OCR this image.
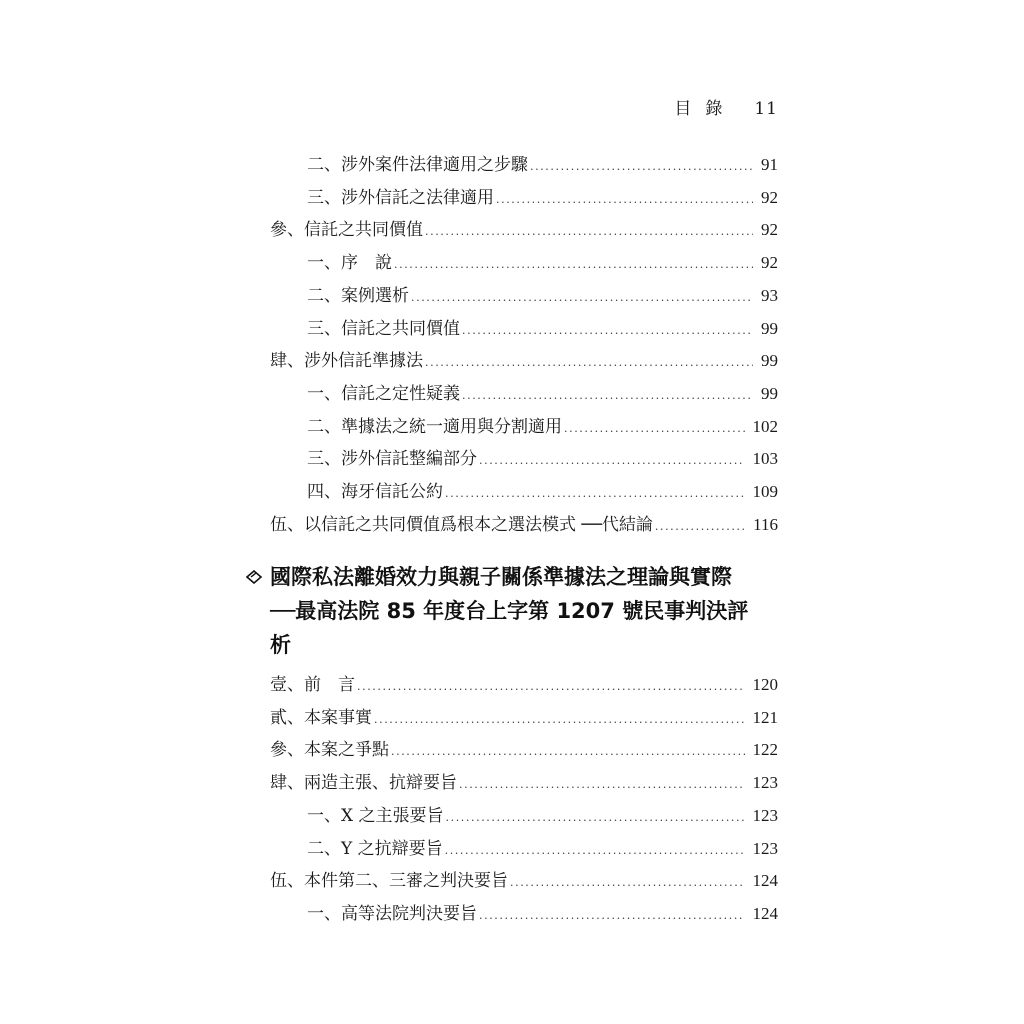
目錄 11
二、涉外案件法律適用之步驟 .....	91
三、涉外信託之法律適用 .....	92
參、信託之共同價值 .....	92
一、序　說 .....	92
二、案例選析 .....	93
三、信託之共同價值 .....	99
肆、涉外信託準據法 .....	99
一、信託之定性疑義 .....	99
二、準據法之統一適用與分割適用 .....	102
三、涉外信託整編部分 .....	103
四、海牙信託公約 .....	109
伍、以信託之共同價值爲根本之選法模式 ──代結論 .....	116
壹、前　言 .....	120
貳、本案事實 .....	121
參、本案之爭點 .....	122
肆、兩造主張、抗辯要旨 .....	123
一、X 之主張要旨 .....	123
二、Y 之抗辯要旨 .....	123
伍、本件第二、三審之判決要旨 .....	124
一、高等法院判決要旨 .....	124
國際私法離婚效力與親子關係準據法之理論與實際
──最高法院 85 年度台上字第 1207 號民事判決評
析
